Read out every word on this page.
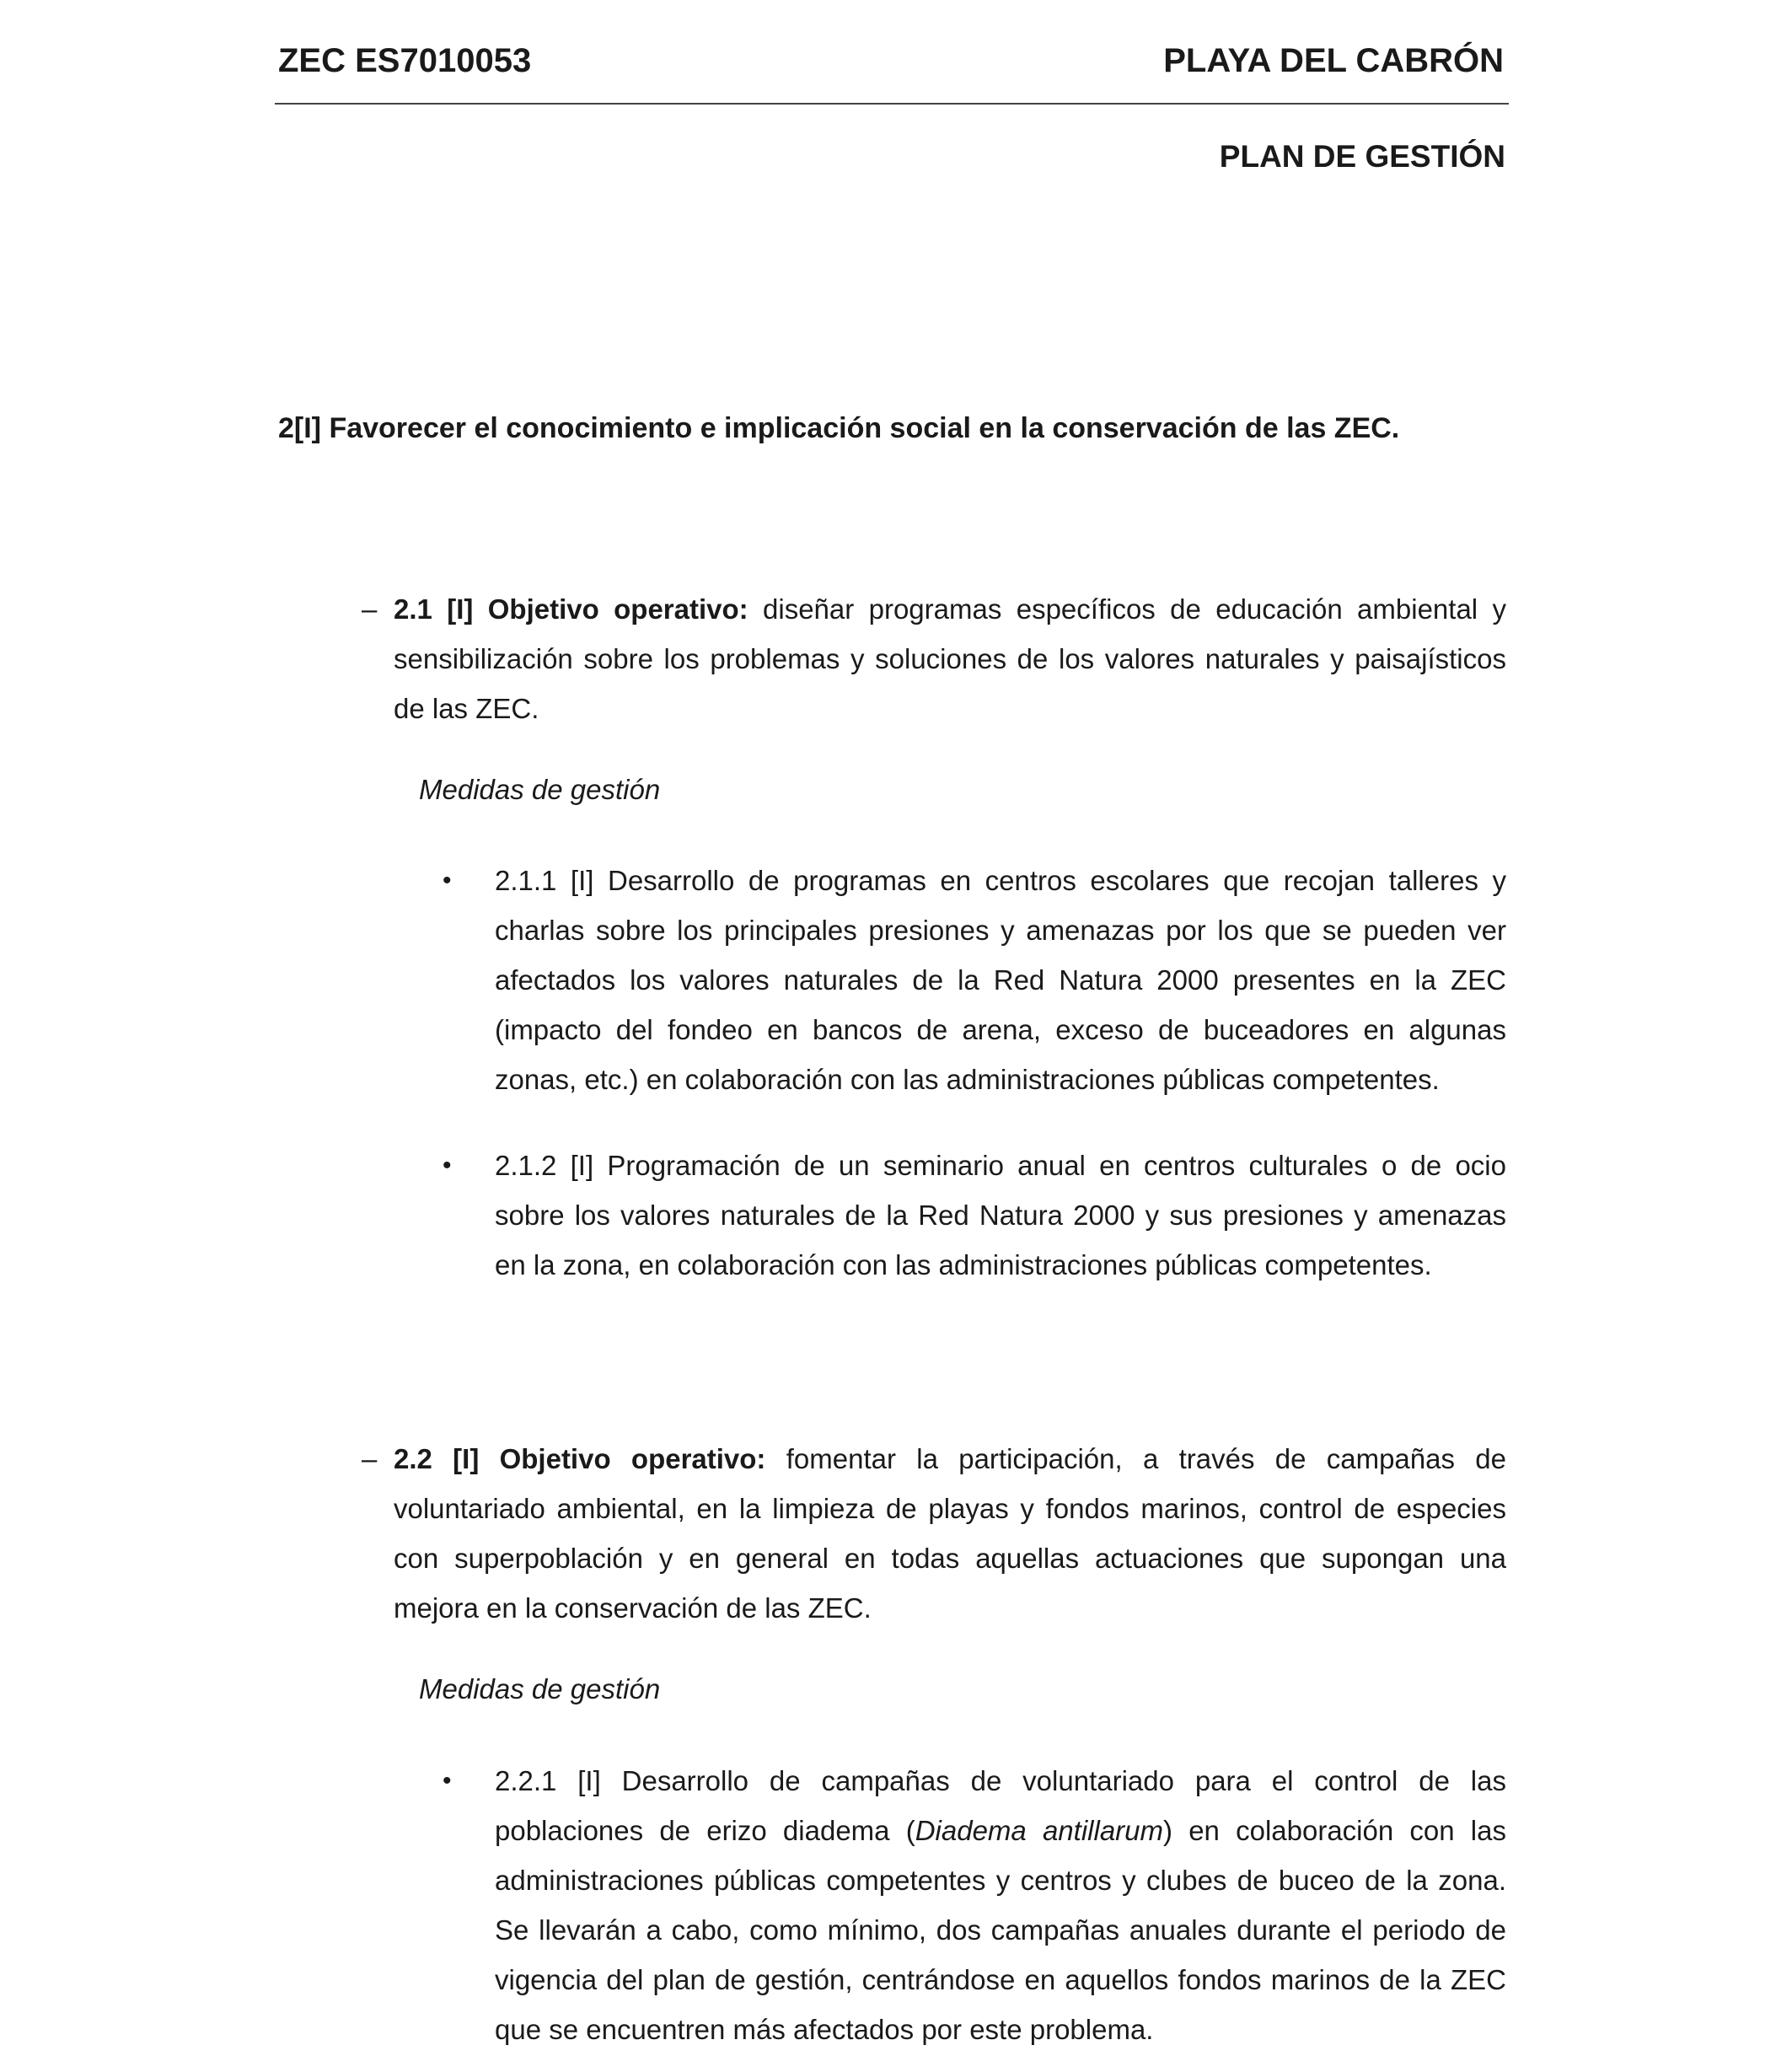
ZEC ES7010053	PLAYA DEL CABRÓN
PLAN DE GESTIÓN
2[I] Favorecer el conocimiento e implicación social en la conservación de las ZEC.
– 2.1 [I] Objetivo operativo: diseñar programas específicos de educación ambiental y sensibilización sobre los problemas y soluciones de los valores naturales y paisajísticos de las ZEC.
Medidas de gestión
• 2.1.1 [I] Desarrollo de programas en centros escolares que recojan talleres y charlas sobre los principales presiones y amenazas por los que se pueden ver afectados los valores naturales de la Red Natura 2000 presentes en la ZEC (impacto del fondeo en bancos de arena, exceso de buceadores en algunas zonas, etc.) en colaboración con las administraciones públicas competentes.
• 2.1.2 [I] Programación de un seminario anual en centros culturales o de ocio sobre los valores naturales de la Red Natura 2000 y sus presiones y amenazas en la zona, en colaboración con las administraciones públicas competentes.
– 2.2 [I] Objetivo operativo: fomentar la participación, a través de campañas de voluntariado ambiental, en la limpieza de playas y fondos marinos, control de especies con superpoblación y en general en todas aquellas actuaciones que supongan una mejora en la conservación de las ZEC.
Medidas de gestión
• 2.2.1 [I] Desarrollo de campañas de voluntariado para el control de las poblaciones de erizo diadema (Diadema antillarum) en colaboración con las administraciones públicas competentes y centros y clubes de buceo de la zona. Se llevarán a cabo, como mínimo, dos campañas anuales durante el periodo de vigencia del plan de gestión, centrándose en aquellos fondos marinos de la ZEC que se encuentren más afectados por este problema.
